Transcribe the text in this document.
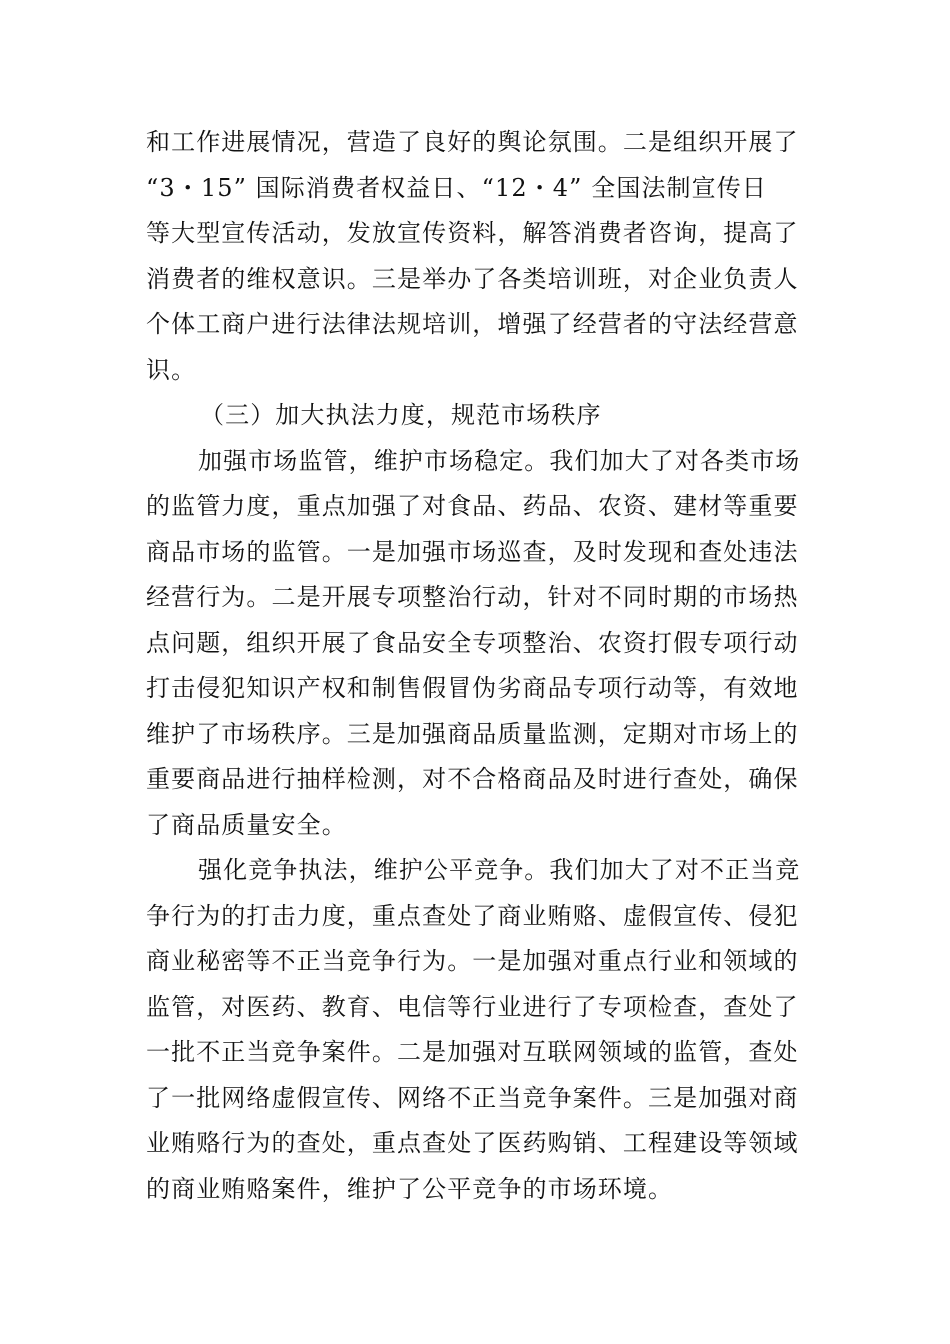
和工作进展情况，营造了良好的舆论氛围。二是组织开展了
“3・15” 国际消费者权益日、“12・4” 全国法制宣传日
等大型宣传活动，发放宣传资料，解答消费者咨询，提高了
消费者的维权意识。三是举办了各类培训班，对企业负责人
个体工商户进行法律法规培训，增强了经营者的守法经营意
识。
（三）加大执法力度，规范市场秩序
加强市场监管，维护市场稳定。我们加大了对各类市场
的监管力度，重点加强了对食品、药品、农资、建材等重要
商品市场的监管。一是加强市场巡查，及时发现和查处违法
经营行为。二是开展专项整治行动，针对不同时期的市场热
点问题，组织开展了食品安全专项整治、农资打假专项行动
打击侵犯知识产权和制售假冒伪劣商品专项行动等，有效地
维护了市场秩序。三是加强商品质量监测，定期对市场上的
重要商品进行抽样检测，对不合格商品及时进行查处，确保
了商品质量安全。
强化竞争执法，维护公平竞争。我们加大了对不正当竞
争行为的打击力度，重点查处了商业贿赂、虚假宣传、侵犯
商业秘密等不正当竞争行为。一是加强对重点行业和领域的
监管，对医药、教育、电信等行业进行了专项检查，查处了
一批不正当竞争案件。二是加强对互联网领域的监管，查处
了一批网络虚假宣传、网络不正当竞争案件。三是加强对商
业贿赂行为的查处，重点查处了医药购销、工程建设等领域
的商业贿赂案件，维护了公平竞争的市场环境。
